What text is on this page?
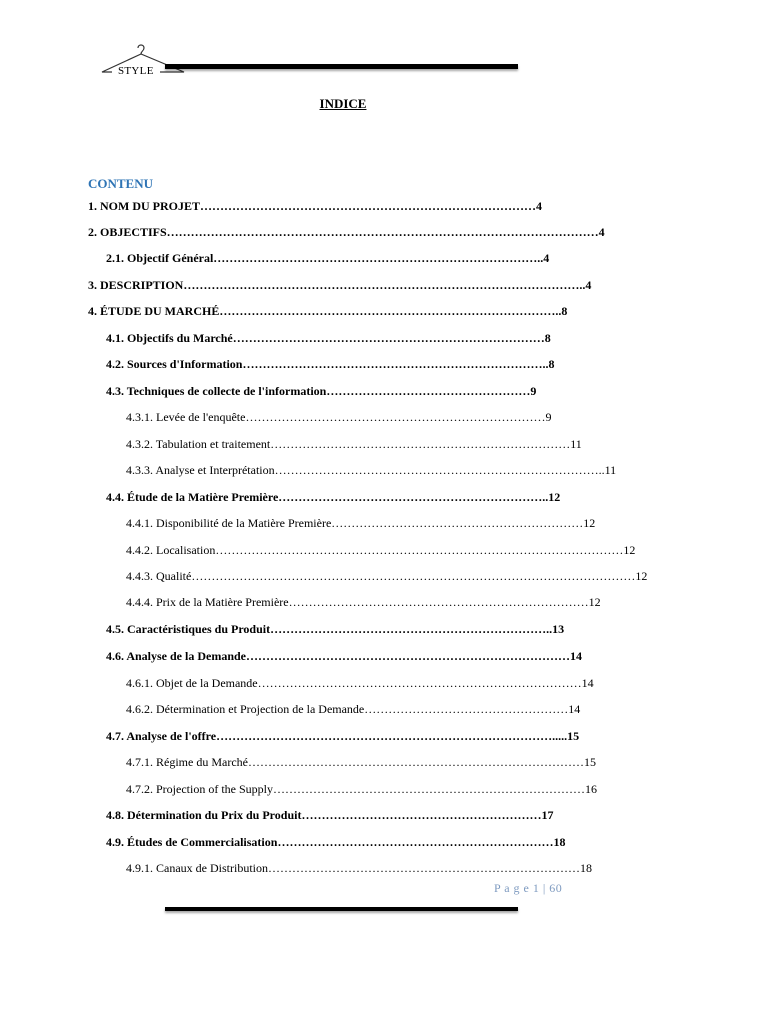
STYLE
INDICE
CONTENU
1. NOM DU PROJET…………………………………………………………………………4
2. OBJECTIFS………………………………………………………………………………………………4
2.1. Objectif Général………………………………………………………………………..4
3. DESCRIPTION………………………………………………………………………………………..4
4. ÉTUDE DU MARCHÉ…………………………………………………………………………..8
4.1. Objectifs du Marché……………………………………………………………………8
4.2. Sources d'Information…………………………………………………………………..8
4.3. Techniques de collecte de l'information……………………………………………9
4.3.1. Levée de l'enquête…………………………………………………………………9
4.3.2. Tabulation et traitement…………………………………………………………………11
4.3.3. Analyse et Interprétation………………………………………………………………………..11
4.4. Étude de la Matière Première…………………………………………………………..12
4.4.1. Disponibilité de la Matière Première………………………………………………………12
4.4.2. Localisation…………………………………………………………………………………………12
4.4.3. Qualité…………………………………………………………………………………………………12
4.4.4. Prix de la Matière Première…………………………………………………………………12
4.5. Caractéristiques du Produit……………………………………………………………..13
4.6. Analyse de la Demande………………………………………………………………………14
4.6.1. Objet de la Demande………………………………………………………………………14
4.6.2. Détermination et Projection de la Demande……………………………………………14
4.7. Analyse de l'offre………………………………………………………………………….....15
4.7.1. Régime du Marché…………………………………………………………………………15
4.7.2. Projection of the Supply……………………………………………………………………16
4.8. Détermination du Prix du Produit……………………………………………………17
4.9. Études de Commercialisation……………………………………………………………18
4.9.1. Canaux de Distribution……………………………………………………………………18
P a g e 1 | 60
